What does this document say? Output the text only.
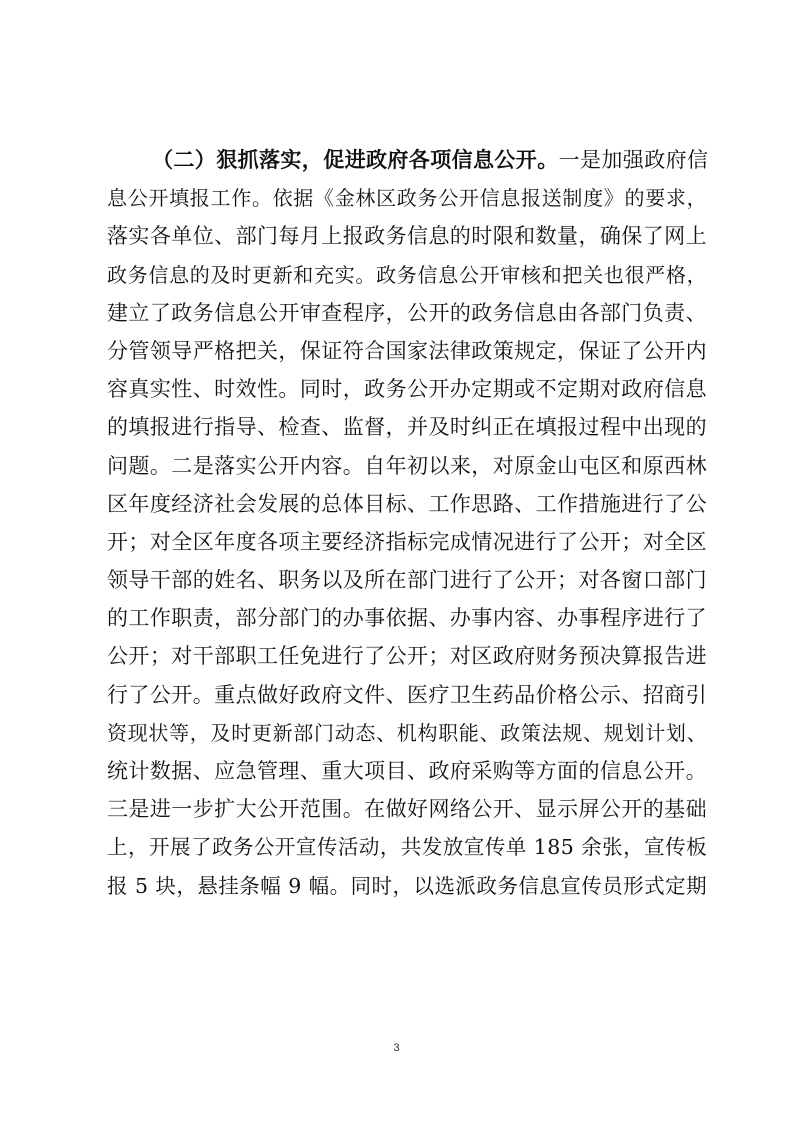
（二）狠抓落实，促进政府各项信息公开。一是加强政府信
息公开填报工作。依据《金林区政务公开信息报送制度》的要求，
落实各单位、部门每月上报政务信息的时限和数量，确保了网上
政务信息的及时更新和充实。政务信息公开审核和把关也很严格，
建立了政务信息公开审查程序，公开的政务信息由各部门负责、
分管领导严格把关，保证符合国家法律政策规定，保证了公开内
容真实性、时效性。同时，政务公开办定期或不定期对政府信息
的填报进行指导、检查、监督，并及时纠正在填报过程中出现的
问题。二是落实公开内容。自年初以来，对原金山屯区和原西林
区年度经济社会发展的总体目标、工作思路、工作措施进行了公
开；对全区年度各项主要经济指标完成情况进行了公开；对全区
领导干部的姓名、职务以及所在部门进行了公开；对各窗口部门
的工作职责，部分部门的办事依据、办事内容、办事程序进行了
公开；对干部职工任免进行了公开；对区政府财务预决算报告进
行了公开。重点做好政府文件、医疗卫生药品价格公示、招商引
资现状等，及时更新部门动态、机构职能、政策法规、规划计划、
统计数据、应急管理、重大项目、政府采购等方面的信息公开。
三是进一步扩大公开范围。在做好网络公开、显示屏公开的基础
上，开展了政务公开宣传活动，共发放宣传单 185 余张，宣传板
报 5 块，悬挂条幅 9 幅。同时，以选派政务信息宣传员形式定期
3
